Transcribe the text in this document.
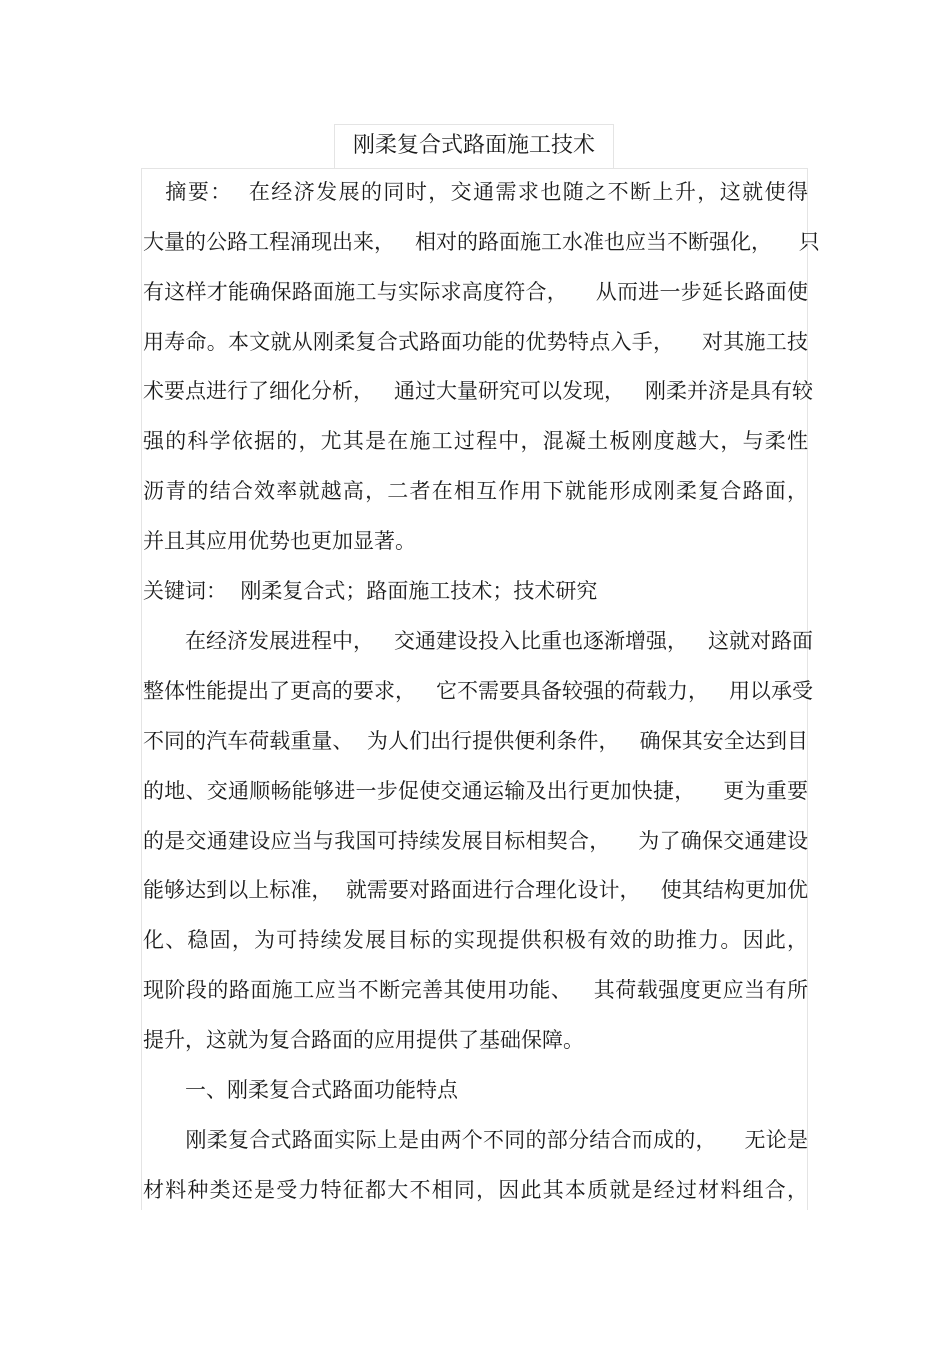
刚柔复合式路面施工技术
　摘要：  在经济发展的同时，交通需求也随之不断上升，这就使得
大量的公路工程涌现出来，   相对的路面施工水准也应当不断强化，    只
有这样才能确保路面施工与实际求高度符合，    从而进一步延长路面使
用寿命。本文就从刚柔复合式路面功能的优势特点入手，    对其施工技
术要点进行了细化分析，   通过大量研究可以发现，   刚柔并济是具有较
强的科学依据的，尤其是在施工过程中，混凝土板刚度越大，与柔性
沥青的结合效率就越高，二者在相互作用下就能形成刚柔复合路面，
并且其应用优势也更加显著。
关键词：  刚柔复合式；路面施工技术；技术研究
　　在经济发展进程中，   交通建设投入比重也逐渐增强，   这就对路面
整体性能提出了更高的要求，   它不需要具备较强的荷载力，   用以承受
不同的汽车荷载重量、  为人们出行提供便利条件，   确保其安全达到目
的地、交通顺畅能够进一步促使交通运输及出行更加快捷，    更为重要
的是交通建设应当与我国可持续发展目标相契合，    为了确保交通建设
能够达到以上标准，  就需要对路面进行合理化设计，   使其结构更加优
化、稳固，为可持续发展目标的实现提供积极有效的助推力。因此，
现阶段的路面施工应当不断完善其使用功能、   其荷载强度更应当有所
提升，这就为复合路面的应用提供了基础保障。
　　一、刚柔复合式路面功能特点
　　刚柔复合式路面实际上是由两个不同的部分结合而成的，    无论是
材料种类还是受力特征都大不相同，因此其本质就是经过材料组合，
